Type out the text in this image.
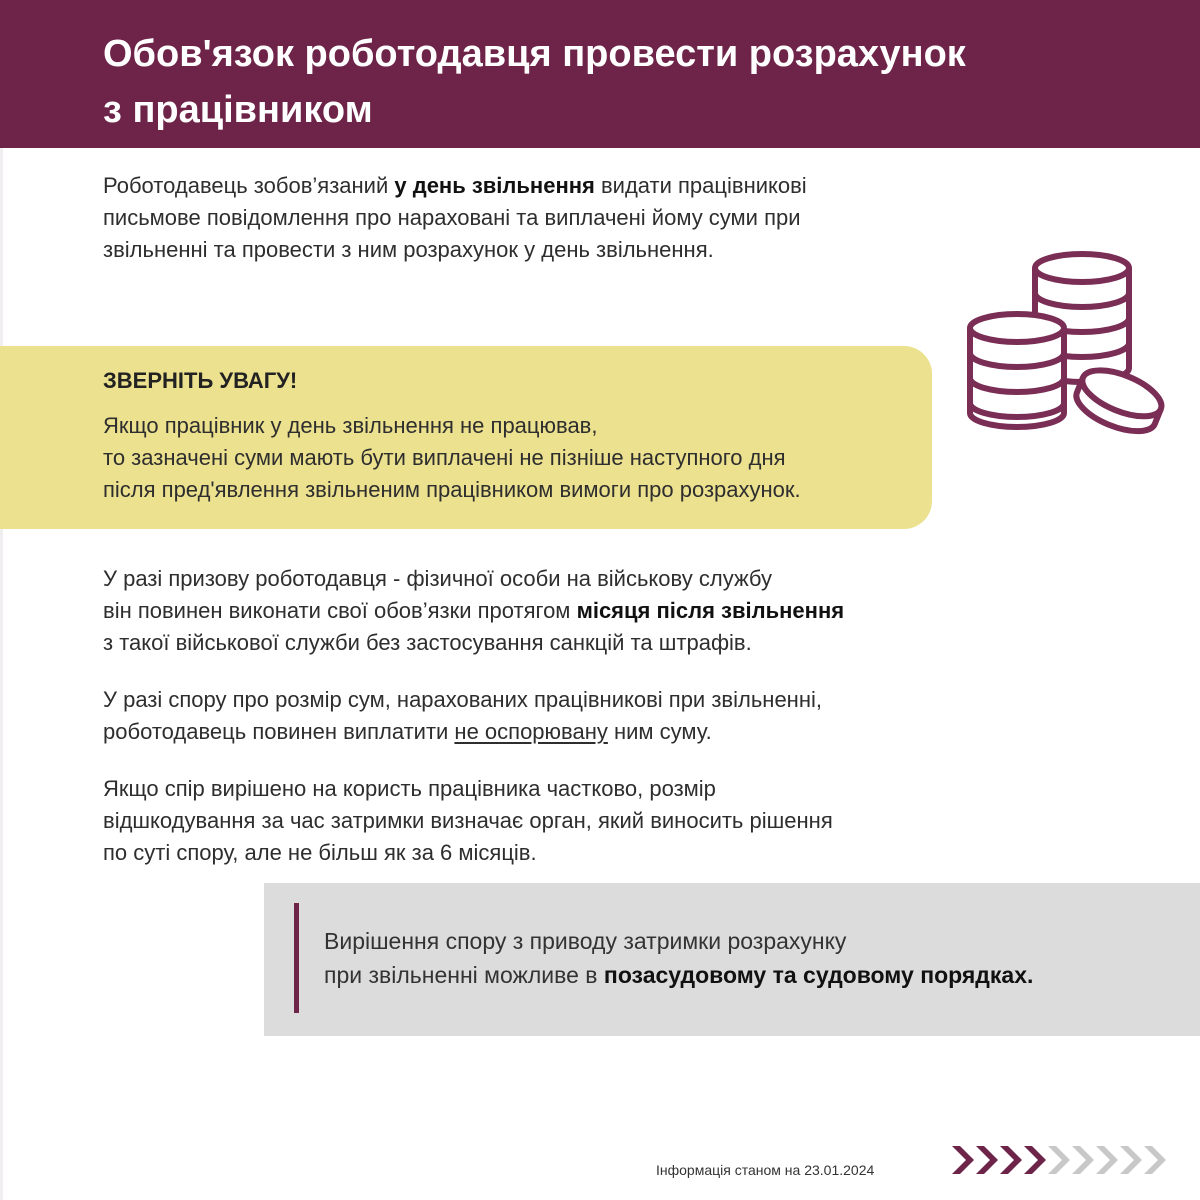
Обов'язок роботодавця провести розрахунок
з працівником

Роботодавець зобов’язаний у день звільнення видати працівникові письмове повідомлення про нараховані та виплачені йому суми при звільненні та провести з ним розрахунок у день звільнення.

ЗВЕРНІТЬ УВАГУ!

Якщо працівник у день звільнення не працював,
то зазначені суми мають бути виплачені не пізніше наступного дня
після пред'явлення звільненим працівником вимоги про розрахунок.

У разі призову роботодавця - фізичної особи на військову службу
він повинен виконати свої обов’язки протягом місяця після звільнення
з такої військової служби без застосування санкцій та штрафів.

У разі спору про розмір сум, нарахованих працівникові при звільненні,
роботодавець повинен виплатити не оспорювану ним суму.

Якщо спір вирішено на користь працівника частково, розмір
відшкодування за час затримки визначає орган, який виносить рішення
по суті спору, але не більш як за 6 місяців.

Вирішення спору з приводу затримки розрахунку
при звільненні можливе в позасудовому та судовому порядках.

Інформація станом на 23.01.2024
